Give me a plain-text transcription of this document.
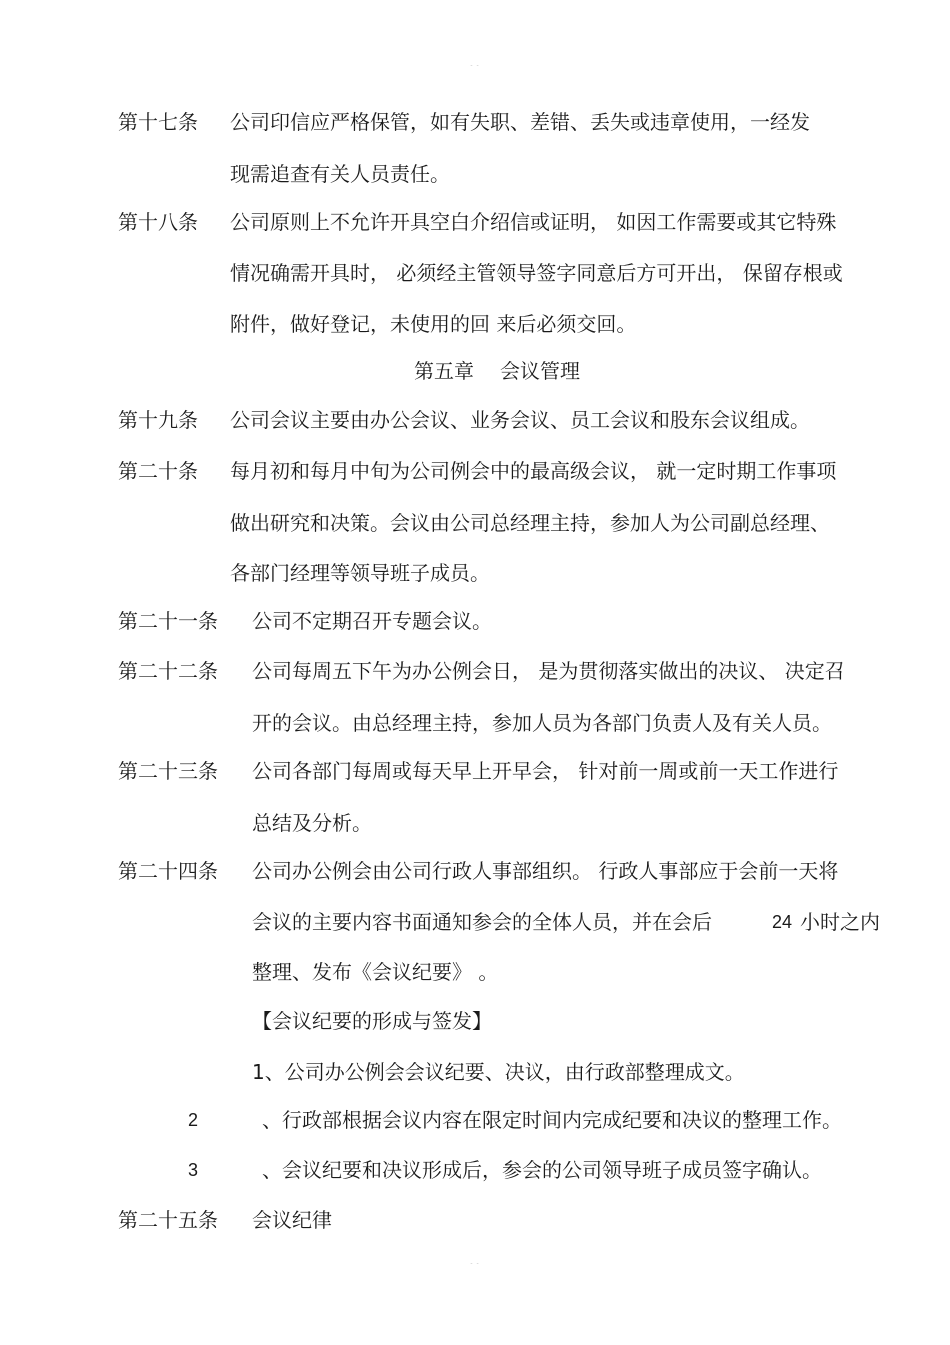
- -
第十七条 公司印信应严格保管，如有失职、差错、丢失或违章使用，一经发
现需追查有关人员责任。
第十八条 公司原则上不允许开具空白介绍信或证明， 如因工作需要或其它特殊
情况确需开具时， 必须经主管领导签字同意后方可开出， 保留存根或
附件，做好登记，未使用的回 来后必须交回。
第五章 会议管理
第十九条 公司会议主要由办公会议、业务会议、员工会议和股东会议组成。
第二十条 每月初和每月中旬为公司例会中的最高级会议， 就一定时期工作事项
做出研究和决策。会议由公司总经理主持，参加人为公司副总经理、
各部门经理等领导班子成员。
第二十一条 公司不定期召开专题会议。
第二十二条 公司每周五下午为办公例会日， 是为贯彻落实做出的决议、 决定召
开的会议。由总经理主持，参加人员为各部门负责人及有关人员。
第二十三条 公司各部门每周或每天早上开早会， 针对前一周或前一天工作进行
总结及分析。
第二十四条 公司办公例会由公司行政人事部组织。 行政人事部应于会前一天将
会议的主要内容书面通知参会的全体人员，并在会后	24 小时之内
整理、发布《会议纪要》 。
【会议纪要的形成与签发】
1、公司办公例会会议纪要、决议，由行政部整理成文。
2	、行政部根据会议内容在限定时间内完成纪要和决议的整理工作。
3	、会议纪要和决议形成后，参会的公司领导班子成员签字确认。
第二十五条 会议纪律
- -
